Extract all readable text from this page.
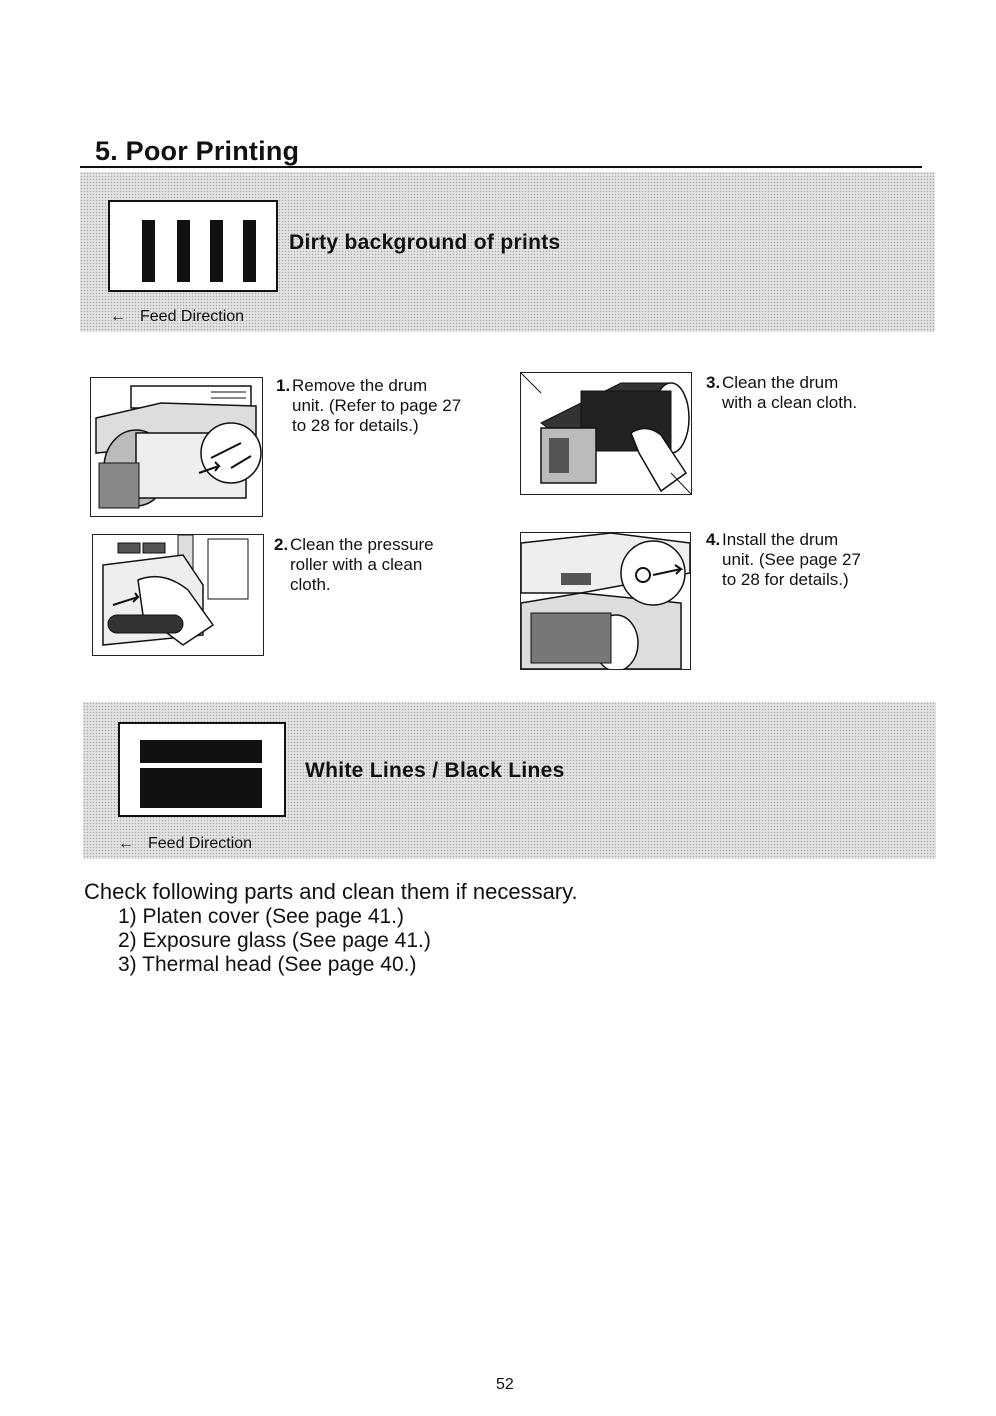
5. Poor Printing
Dirty background of prints
← Feed Direction
1. Remove the drum
unit. (Refer to page 27
to 28 for details.)
3. Clean the drum
with a clean cloth.
2. Clean the pressure
roller with a clean
cloth.
4. Install the drum
unit. (See page 27
to 28 for details.)
White Lines / Black Lines
← Feed Direction
Check following parts and clean them if necessary.
1) Platen cover (See page 41.)
2) Exposure glass (See page 41.)
3) Thermal head (See page 40.)
52
